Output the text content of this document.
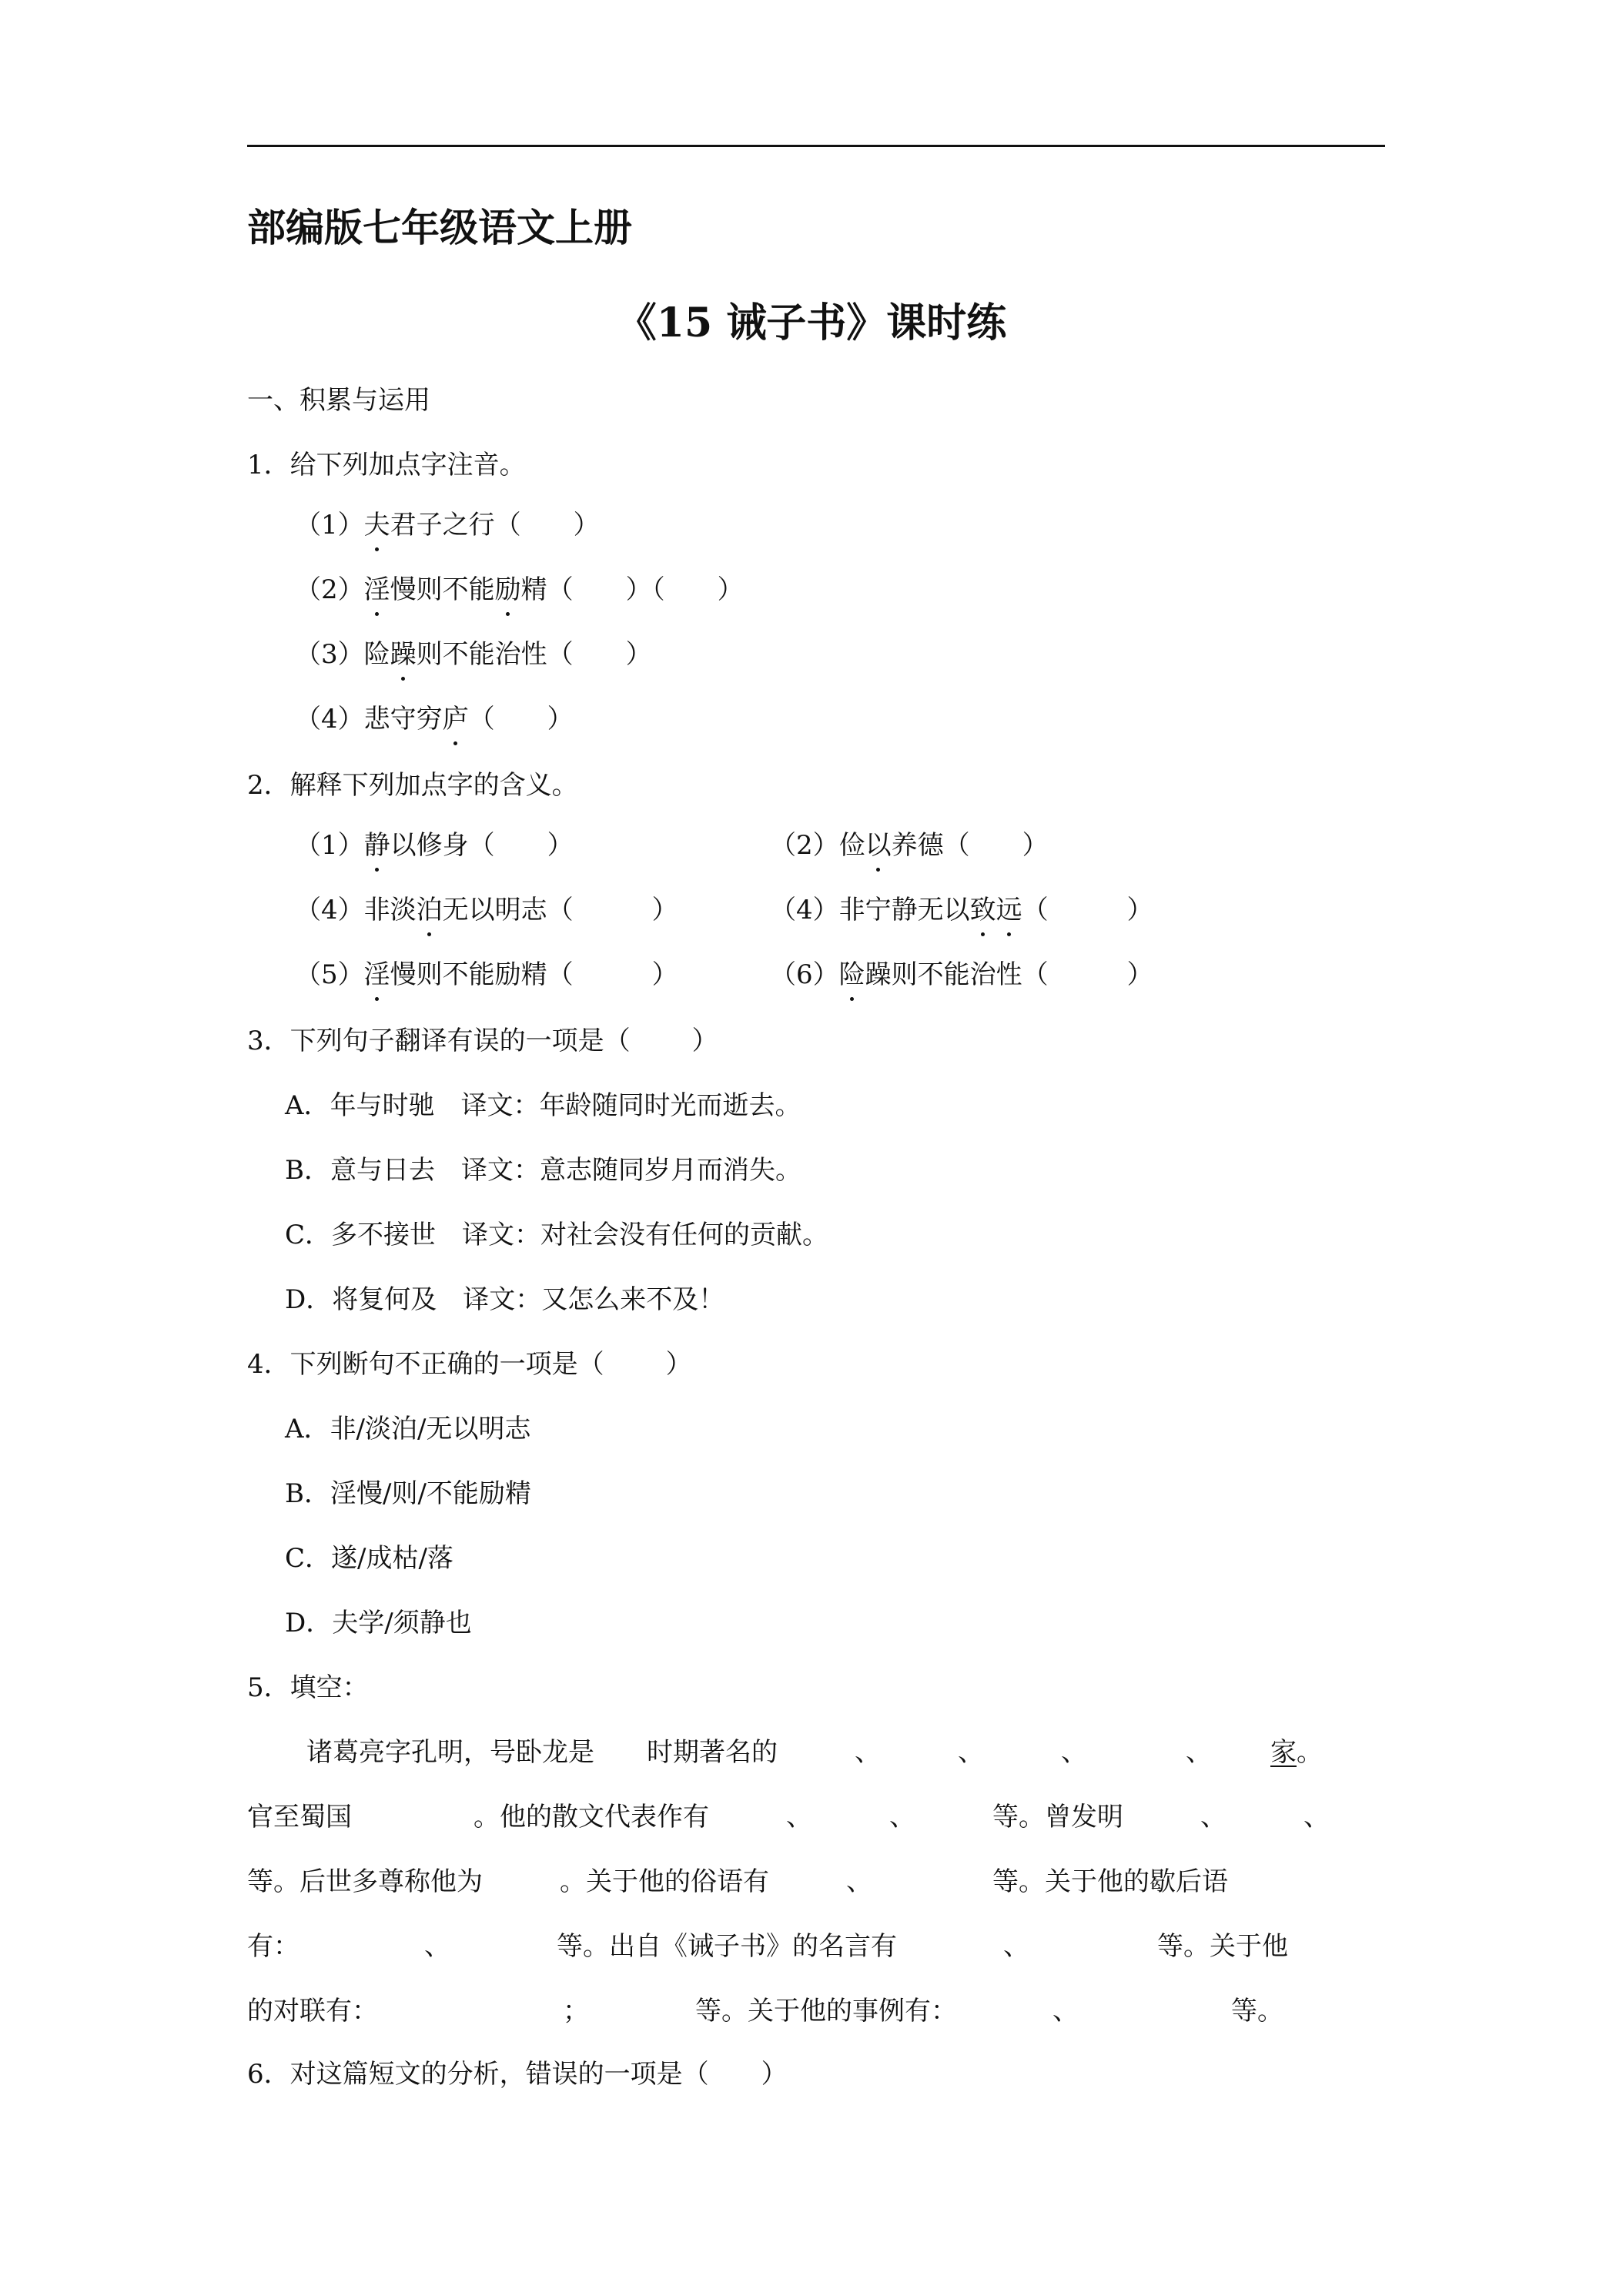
部编版七年级语文上册
《15 诫子书》课时练
一、积累与运用
1．给下列加点字注音。
（1）夫君子之行（ ）
（2）淫慢则不能励精（ ）（ ）
（3）险躁则不能治性（ ）
（4）悲守穷庐（ ）
2．解释下列加点字的含义。
（1）静以修身（ ）	（2）俭以养德（ ）
（4）非淡泊无以明志（	）	（4）非宁静无以致远（	）
（5）淫慢则不能励精（	）	（6）险躁则不能治性（	）
3．下列句子翻译有误的一项是（ ）
A．年与时驰 译文：年龄随同时光而逝去。
B．意与日去 译文：意志随同岁月而消失。
C．多不接世 译文：对社会没有任何的贡献。
D．将复何及 译文：又怎么来不及！
4．下列断句不正确的一项是（ ）
A．非/淡泊/无以明志
B．淫慢/则/不能励精
C．遂/成枯/落
D．夫学/须静也
5．填空：
诸葛亮字孔明，号卧龙是 时期著名的	、	、	、	、 家。
官至蜀国	。他的散文代表作有	、	、	等。曾发明	、	、
等。后世多尊称他为	。关于他的俗语有	、	等。关于他的歇后语
有：	、	等。出自《诫子书》的名言有	、	等。关于他
的对联有：	；	等。关于他的事例有：	、	等。
6．对这篇短文的分析，错误的一项是（ ）
